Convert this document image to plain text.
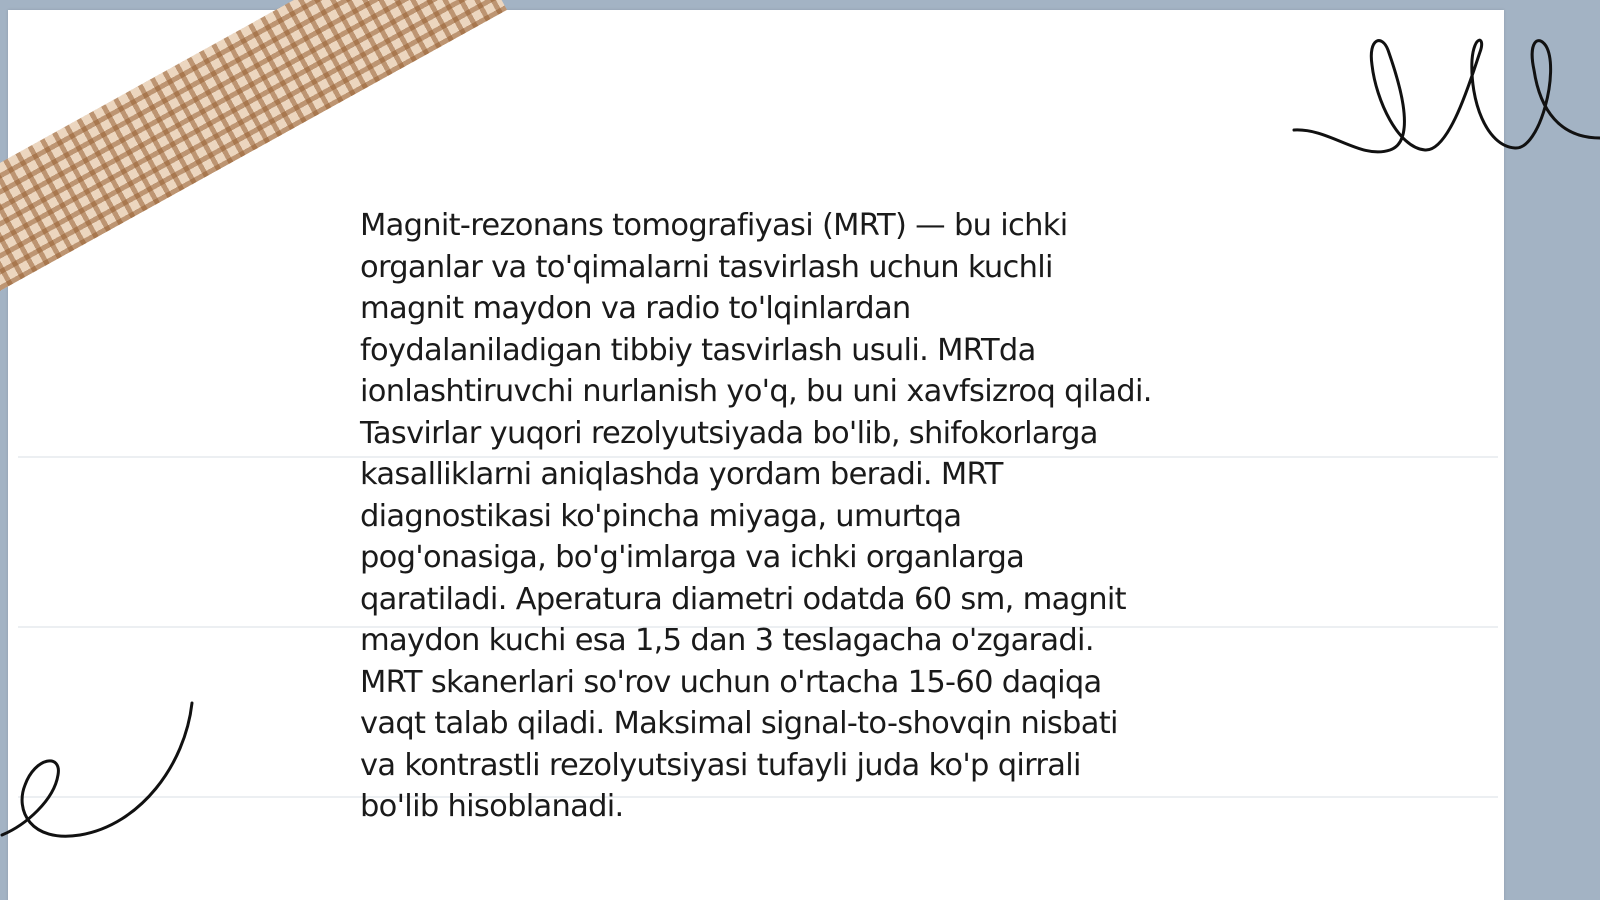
Magnit-rezonans tomografiyasi (MRT) — bu ichki
organlar va to'qimalarni tasvirlash uchun kuchli
magnit maydon va radio to'lqinlardan
foydalaniladigan tibbiy tasvirlash usuli. MRTda
ionlashtiruvchi nurlanish yo'q, bu uni xavfsizroq qiladi.
Tasvirlar yuqori rezolyutsiyada bo'lib, shifokorlarga
kasalliklarni aniqlashda yordam beradi. MRT
diagnostikasi ko'pincha miyaga, umurtqa
pog'onasiga, bo'g'imlarga va ichki organlarga
qaratiladi. Aperatura diametri odatda 60 sm, magnit
maydon kuchi esa 1,5 dan 3 teslagacha o'zgaradi.
MRT skanerlari so'rov uchun o'rtacha 15-60 daqiqa
vaqt talab qiladi. Maksimal signal-to-shovqin nisbati
va kontrastli rezolyutsiyasi tufayli juda ko'p qirrali
bo'lib hisoblanadi.
